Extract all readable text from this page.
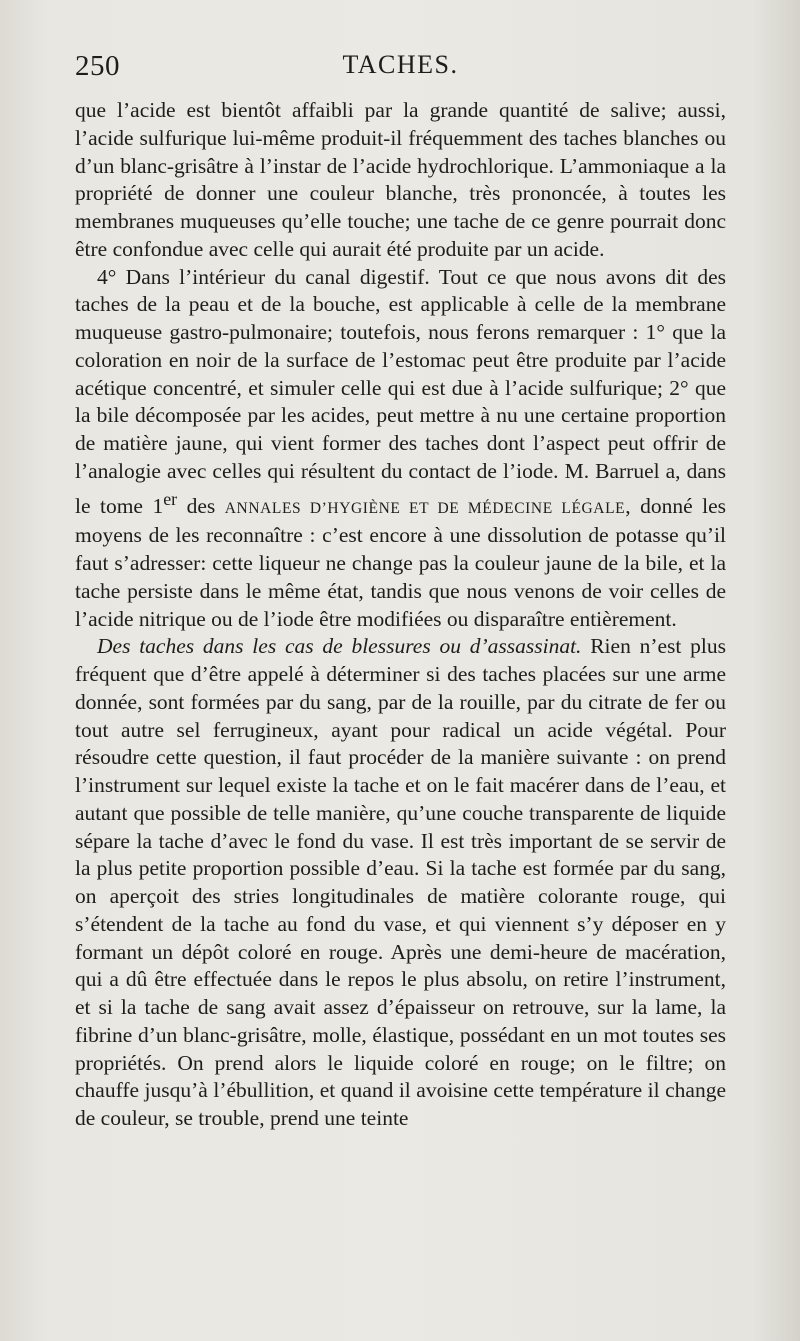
250	TACHES.

que l’acide est bientôt affaibli par la grande quantité de salive; aussi, l’acide sulfurique lui-même produit-il fréquemment des taches blanches ou d’un blanc-grisâtre à l’instar de l’acide hydrochlorique. L’ammoniaque a la propriété de donner une couleur blanche, très prononcée, à toutes les membranes muqueuses qu’elle touche; une tache de ce genre pourrait donc être confondue avec celle qui aurait été produite par un acide.

4° Dans l’intérieur du canal digestif. Tout ce que nous avons dit des taches de la peau et de la bouche, est applicable à celle de la membrane muqueuse gastro-pulmonaire; toutefois, nous ferons remarquer : 1° que la coloration en noir de la surface de l’estomac peut être produite par l’acide acétique concentré, et simuler celle qui est due à l’acide sulfurique; 2° que la bile décomposée par les acides, peut mettre à nu une certaine proportion de matière jaune, qui vient former des taches dont l’aspect peut offrir de l’analogie avec celles qui résultent du contact de l’iode. M. Barruel a, dans le tome 1er des ANNALES D’HYGIÈNE ET DE MÉDECINE LÉGALE, donné les moyens de les reconnaître : c’est encore à une dissolution de potasse qu’il faut s’adresser: cette liqueur ne change pas la couleur jaune de la bile, et la tache persiste dans le même état, tandis que nous venons de voir celles de l’acide nitrique ou de l’iode être modifiées ou disparaître entièrement.

Des taches dans les cas de blessures ou d’assassinat. Rien n’est plus fréquent que d’être appelé à déterminer si des taches placées sur une arme donnée, sont formées par du sang, par de la rouille, par du citrate de fer ou tout autre sel ferrugineux, ayant pour radical un acide végétal. Pour résoudre cette question, il faut procéder de la manière suivante : on prend l’instrument sur lequel existe la tache et on le fait macérer dans de l’eau, et autant que possible de telle manière, qu’une couche transparente de liquide sépare la tache d’avec le fond du vase. Il est très important de se servir de la plus petite proportion possible d’eau. Si la tache est formée par du sang, on aperçoit des stries longitudinales de matière colorante rouge, qui s’étendent de la tache au fond du vase, et qui viennent s’y déposer en y formant un dépôt coloré en rouge. Après une demi-heure de macération, qui a dû être effectuée dans le repos le plus absolu, on retire l’instrument, et si la tache de sang avait assez d’épaisseur on retrouve, sur la lame, la fibrine d’un blanc-grisâtre, molle, élastique, possédant en un mot toutes ses propriétés. On prend alors le liquide coloré en rouge; on le filtre; on chauffe jusqu’à l’ébullition, et quand il avoisine cette température il change de couleur, se trouble, prend une teinte
